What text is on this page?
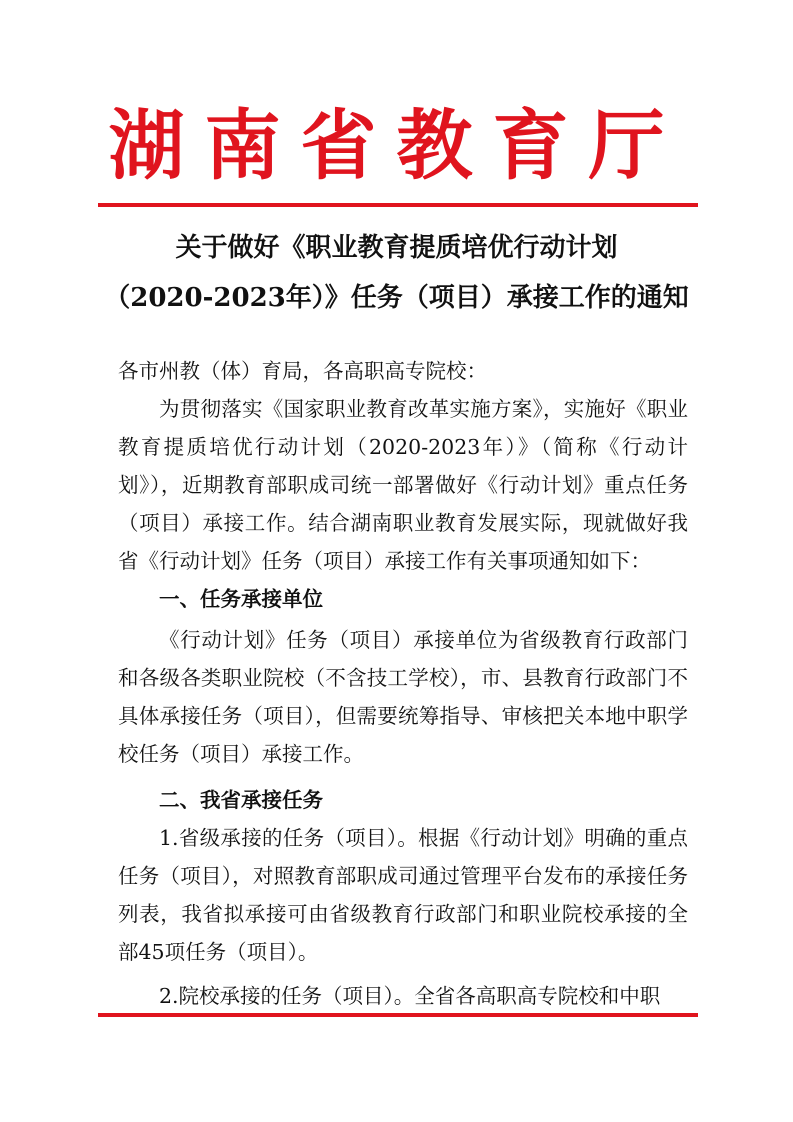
湖南省教育厅
关于做好《职业教育提质培优行动计划
（2020-2023年）》任务（项目）承接工作的通知

各市州教（体）育局，各高职高专院校：

为贯彻落实《国家职业教育改革实施方案》，实施好《职业教育提质培优行动计划（2020-2023年）》（简称《行动计划》），近期教育部职成司统一部署做好《行动计划》重点任务（项目）承接工作。结合湖南职业教育发展实际，现就做好我省《行动计划》任务（项目）承接工作有关事项通知如下：

一、任务承接单位

《行动计划》任务（项目）承接单位为省级教育行政部门和各级各类职业院校（不含技工学校），市、县教育行政部门不具体承接任务（项目），但需要统筹指导、审核把关本地中职学校任务（项目）承接工作。

二、我省承接任务

1.省级承接的任务（项目）。根据《行动计划》明确的重点任务（项目），对照教育部职成司通过管理平台发布的承接任务列表，我省拟承接可由省级教育行政部门和职业院校承接的全部45项任务（项目）。

2.院校承接的任务（项目）。全省各高职高专院校和中职
